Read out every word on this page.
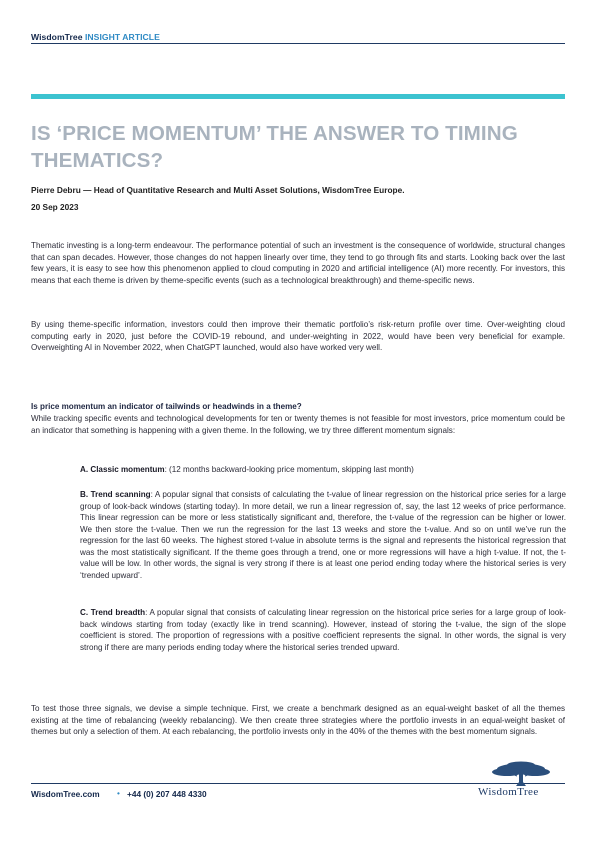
WisdomTree INSIGHT ARTICLE
IS ‘PRICE MOMENTUM’ THE ANSWER TO TIMING THEMATICS?
Pierre Debru — Head of Quantitative Research and Multi Asset Solutions, WisdomTree Europe.
20 Sep 2023
Thematic investing is a long-term endeavour. The performance potential of such an investment is the consequence of worldwide, structural changes that can span decades. However, those changes do not happen linearly over time, they tend to go through fits and starts. Looking back over the last few years, it is easy to see how this phenomenon applied to cloud computing in 2020 and artificial intelligence (AI) more recently. For investors, this means that each theme is driven by theme-specific events (such as a technological breakthrough) and theme-specific news.
By using theme-specific information, investors could then improve their thematic portfolio’s risk-return profile over time. Over-weighting cloud computing early in 2020, just before the COVID-19 rebound, and under-weighting in 2022, would have been very beneficial for example. Overweighting AI in November 2022, when ChatGPT launched, would also have worked very well.
Is price momentum an indicator of tailwinds or headwinds in a theme?
While tracking specific events and technological developments for ten or twenty themes is not feasible for most investors, price momentum could be an indicator that something is happening with a given theme. In the following, we try three different momentum signals:
A. Classic momentum: (12 months backward-looking price momentum, skipping last month)
B. Trend scanning: A popular signal that consists of calculating the t-value of linear regression on the historical price series for a large group of look-back windows (starting today). In more detail, we run a linear regression of, say, the last 12 weeks of price performance. This linear regression can be more or less statistically significant and, therefore, the t-value of the regression can be higher or lower. We then store the t-value. Then we run the regression for the last 13 weeks and store the t-value. And so on until we’ve run the regression for the last 60 weeks. The highest stored t-value in absolute terms is the signal and represents the historical regression that was the most statistically significant. If the theme goes through a trend, one or more regressions will have a high t-value. If not, the t-value will be low. In other words, the signal is very strong if there is at least one period ending today where the historical series is very ‘trended upward’.
C. Trend breadth: A popular signal that consists of calculating linear regression on the historical price series for a large group of look-back windows starting from today (exactly like in trend scanning). However, instead of storing the t-value, the sign of the slope coefficient is stored. The proportion of regressions with a positive coefficient represents the signal. In other words, the signal is very strong if there are many periods ending today where the historical series trended upward.
To test those three signals, we devise a simple technique. First, we create a benchmark designed as an equal-weight basket of all the themes existing at the time of rebalancing (weekly rebalancing). We then create three strategies where the portfolio invests in an equal-weight basket of themes but only a selection of them. At each rebalancing, the portfolio invests only in the 40% of the themes with the best momentum signals.
WisdomTree.com • +44 (0) 207 448 4330	WisdomTree
